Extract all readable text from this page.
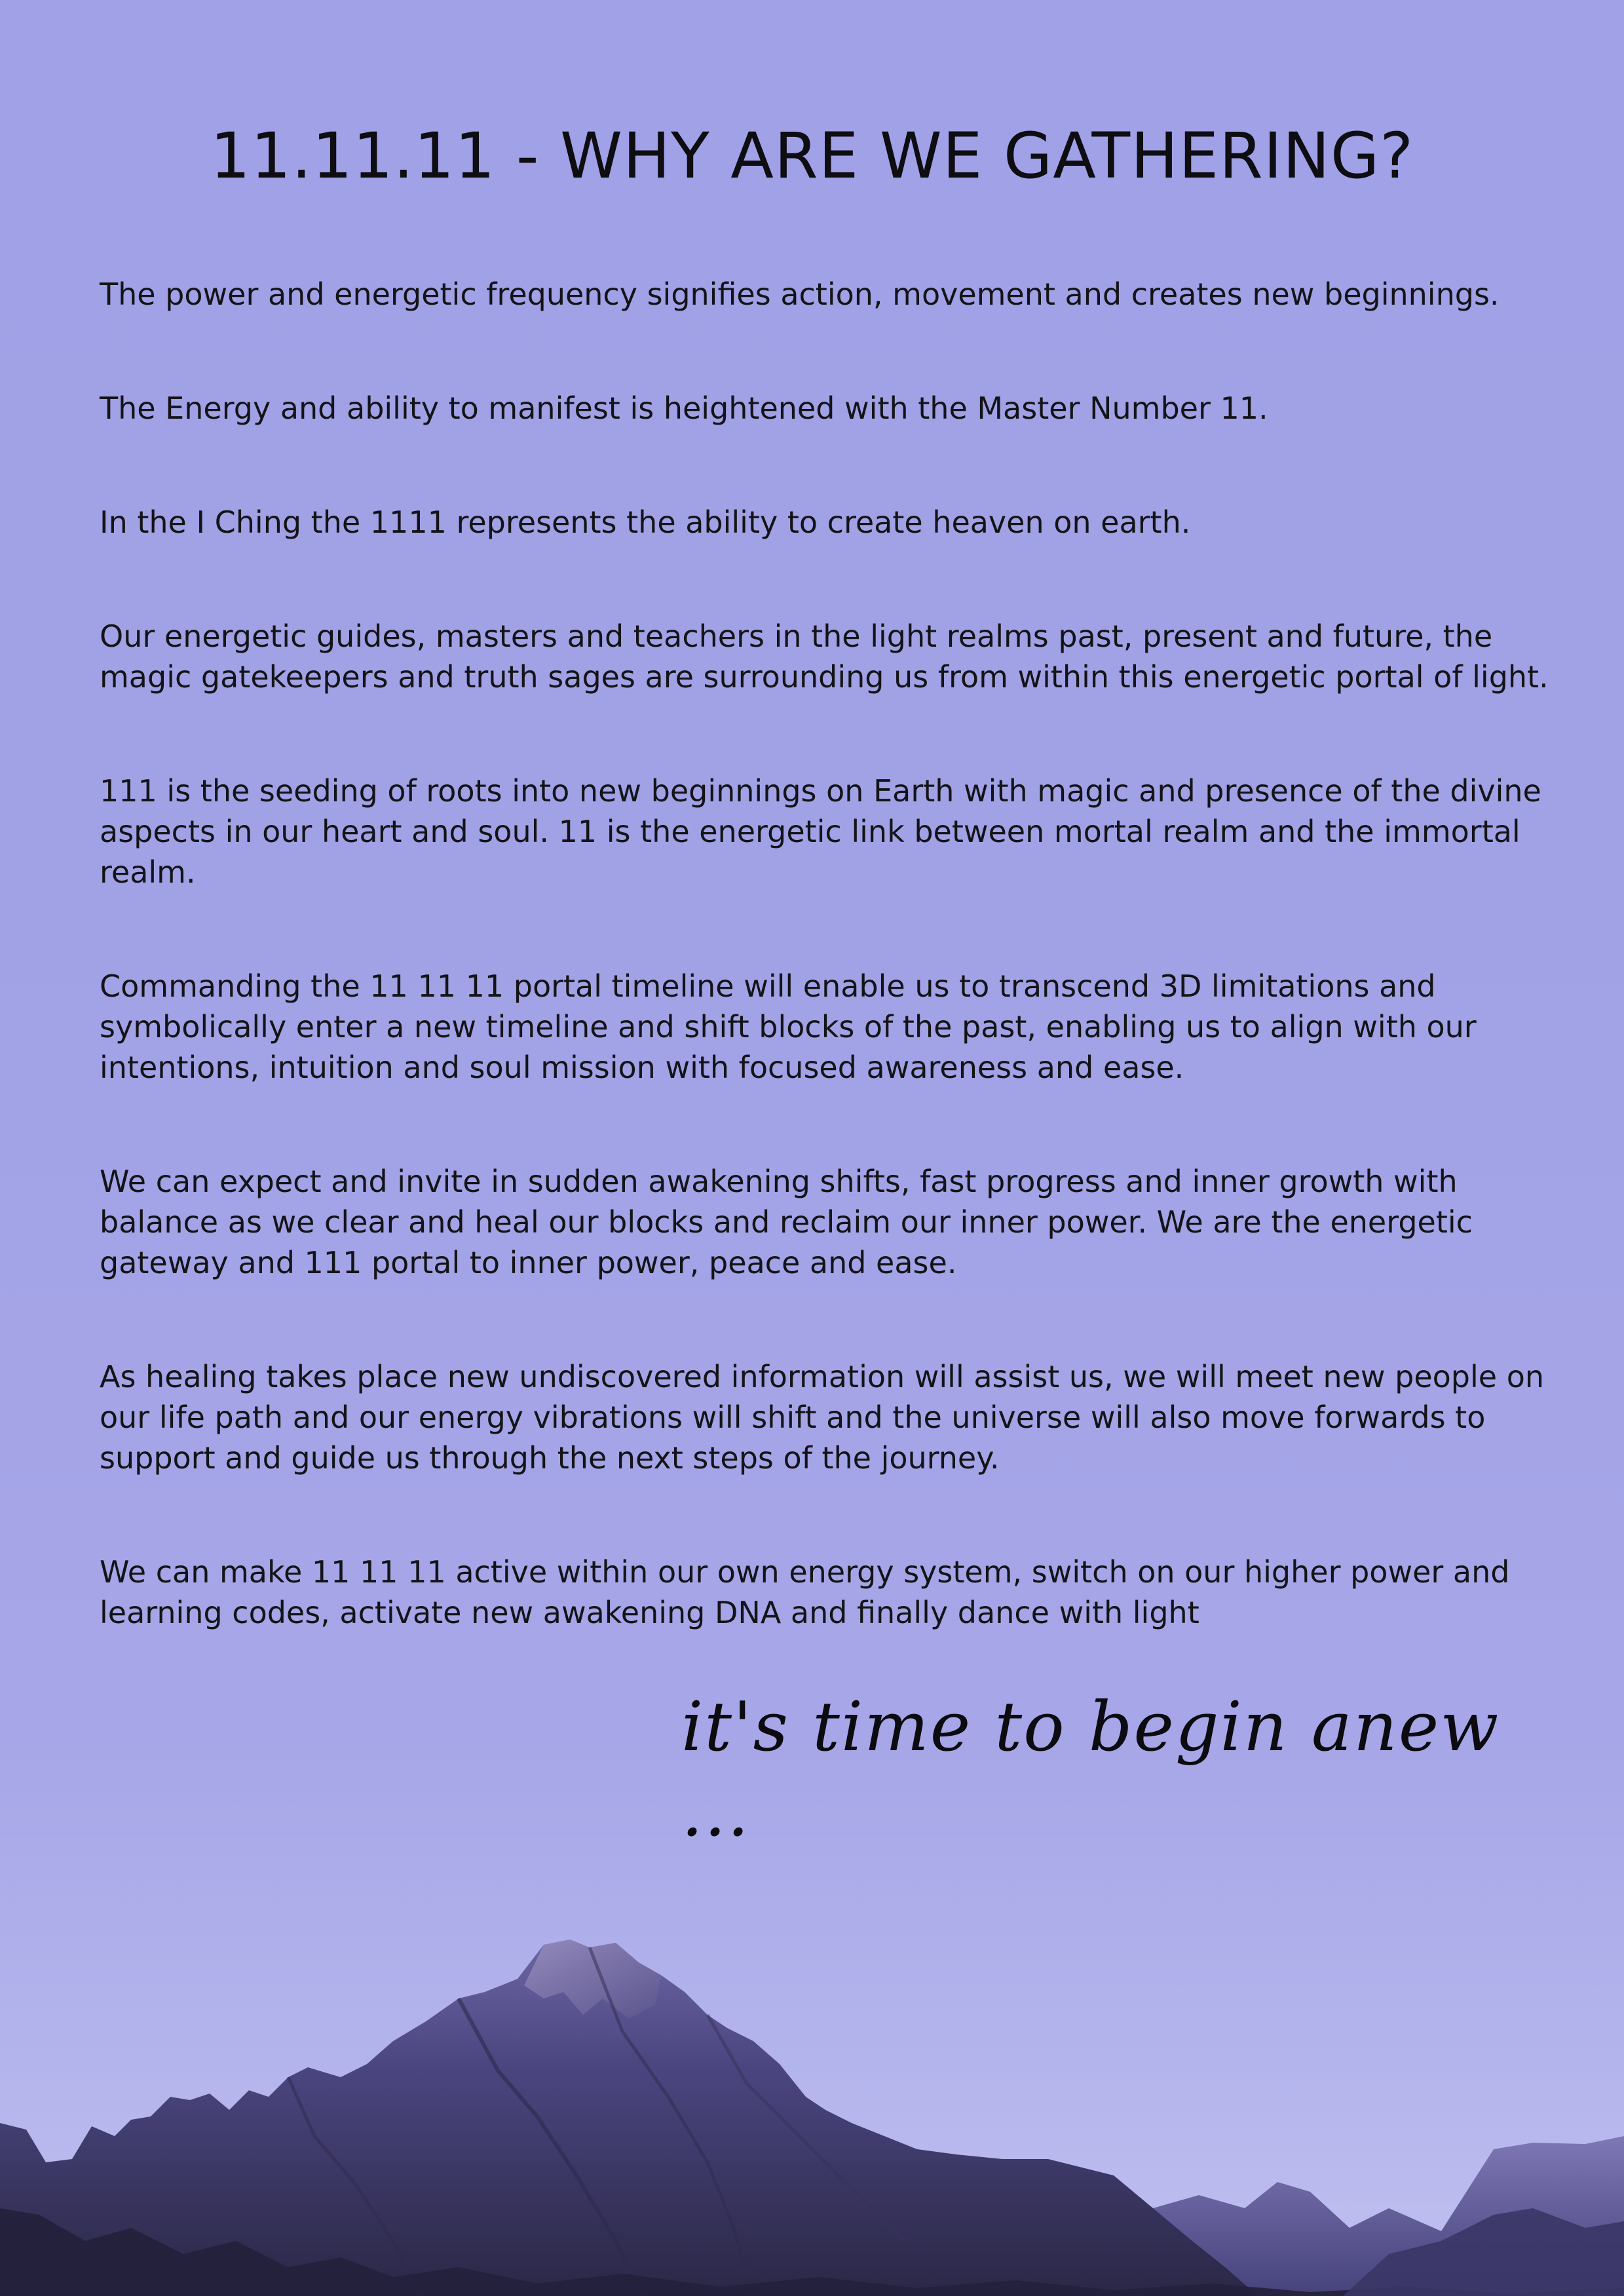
11.11.11 - WHY ARE WE GATHERING?

The power and energetic frequency signifies action, movement and creates new beginnings.

The Energy and ability to manifest is heightened with the Master Number 11.

In the I Ching the 1111 represents the ability to create heaven on earth.

Our energetic guides, masters and teachers in the light realms past, present and future, the magic gatekeepers and truth sages are surrounding us from within this energetic portal of light.

111 is the seeding of roots into new beginnings on Earth with magic and presence of the divine aspects in our heart and soul. 11 is the energetic link between mortal realm and the immortal realm.

Commanding the 11 11 11 portal timeline will enable us to transcend 3D limitations and symbolically enter a new timeline and shift blocks of the past, enabling us to align with our intentions, intuition and soul mission with focused awareness and ease.

We can expect and invite in sudden awakening shifts, fast progress and inner growth with balance as we clear and heal our blocks and reclaim our inner power. We are the energetic gateway and 111 portal to inner power, peace and ease.

As healing takes place new undiscovered information will assist us, we will meet new people on our life path and our energy vibrations will shift and the universe will also move forwards to support and guide us through the next steps of the journey.

We can make 11 11 11 active within our own energy system, switch on our higher power and learning codes, activate new awakening DNA and finally dance with light

it's time to begin anew ...
